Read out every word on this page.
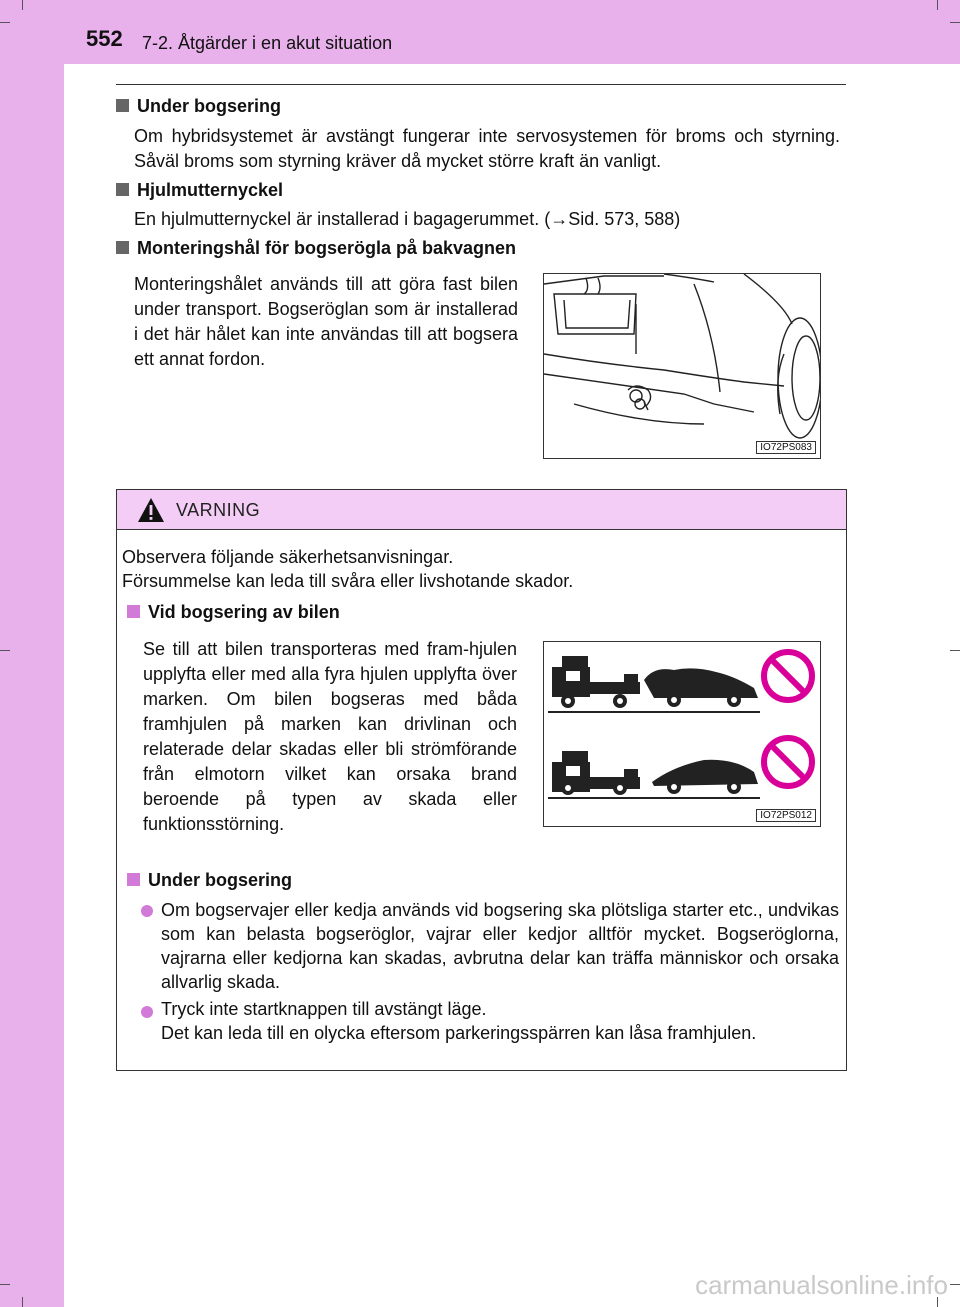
552 7-2. Åtgärder i en akut situation
Under bogsering
Om hybridsystemet är avstängt fungerar inte servosystemen för broms och styrning. Såväl broms som styrning kräver då mycket större kraft än vanligt.
Hjulmutternyckel
En hjulmutternyckel är installerad i bagagerummet. (→Sid. 573, 588)
Monteringshål för bogserögla på bakvagnen
Monteringshålet används till att göra fast bilen under transport. Bogseröglan som är installerad i det här hålet kan inte användas till att bogsera ett annat fordon.
IO72PS083
VARNING
Observera följande säkerhetsanvisningar.
Försummelse kan leda till svåra eller livshotande skador.
Vid bogsering av bilen
Se till att bilen transporteras med fram-hjulen upplyfta eller med alla fyra hjulen upplyfta över marken. Om bilen bogseras med båda framhjulen på marken kan drivlinan och relaterade delar skadas eller bli strömförande från elmotorn vilket kan orsaka brand beroende på typen av skada eller funktionsstörning.	IO72PS012
Under bogsering
Om bogservajer eller kedja används vid bogsering ska plötsliga starter etc., undvikas som kan belasta bogseröglor, vajrar eller kedjor alltför mycket. Bogseröglorna, vajrarna eller kedjorna kan skadas, avbrutna delar kan träffa människor och orsaka allvarlig skada.
Tryck inte startknappen till avstängt läge.
Det kan leda till en olycka eftersom parkeringsspärren kan låsa framhjulen.
carmanualsonline.info
